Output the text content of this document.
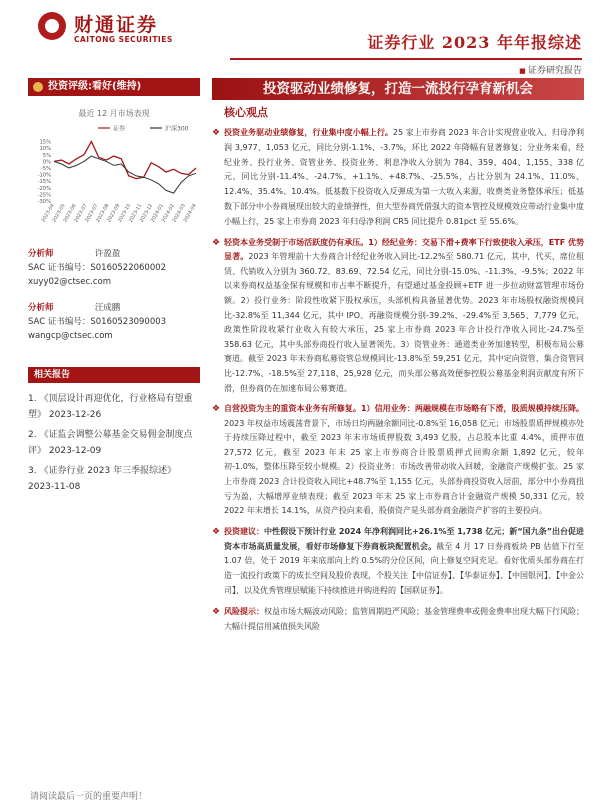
财通证券
CAITONG SECURITIES	证券行业 2023 年年报综述
■ 证券研究报告
投资评级:看好(维持)
最近 12 月市场表现
证券	沪深300
15%
10%
5%
0%
-5%
-10%
-15%
-20%
-25%
-30%
2023-04
2023-05
2023-06
2023-07
2023-07
2023-08
2023-09
2023-10
2023-11
2023-12
2024-01
2024-02
2024-03
2024-04
分析师	许盈盈
SAC 证书编号：S0160522060002
xuyy02@ctsec.com
分析师	汪成鹏
SAC 证书编号：S0160523090003
wangcp@ctsec.com
相关报告
1. 《顶层设计再迎优化，行业格局有望重塑》 2023-12-26
2. 《证监会调整公募基金交易佣金制度点评》 2023-12-09
3. 《证券行业 2023 年三季报综述》 2023-11-08
投资驱动业绩修复，打造一流投行孕育新机会
核心观点
❖ 投资业务驱动业绩修复，行业集中度小幅上行。25 家上市券商 2023 年合计实现营业收入、归母净利润 3,977、1,053 亿元，同比分别-1.1%、-3.7%，环比 2022 年降幅有显著修复；分业务来看，经纪业务、投行业务、资管业务、投资业务、利息净收入分别为 784、359、404、1,155、338 亿元，同比分别-11.4%、-24.7%、+1.1%、+48.7%、-25.5%，占比分别为 24.1%、11.0%、12.4%、35.4%、10.4%。低基数下投资收入反弹成为第一大收入来源，收费类业务整体承压；低基数下部分中小券商展现出较大的业绩弹性，但大型券商凭借强大的资本管控及规模效应带动行业集中度小幅上行，25 家上市券商 2023 年归母净利润 CR5 同比提升 0.81pct 至 55.6%。
❖ 轻资本业务受制于市场活跃度仍有承压。1）经纪业务：交易下滑+费率下行致使收入承压，ETF 优势显著。2023 年管理前十大券商合计经纪业务收入同比-12.2%至 580.71 亿元，其中，代买、席位租赁、代销收入分别为 360.72、83.69、72.54 亿元，同比分别-15.0%、-11.3%、-9.5%；2022 年以来券商权益基金保有规模和市占率不断提升，有望通过基金投顾+ETF 进一步拉动财富管理市场份额。2）投行业务：阶段性收紧下股权承压，头部机构具备显著优势。2023 年市场股权融资规模同比-32.8%至 11,344 亿元，其中 IPO、再融资规模分别-39.2%、-29.4%至 3,565、7,779 亿元，政策性阶段收紧行业收入有较大承压，25 家上市券商 2023 年合计投行净收入同比-24.7%至 358.63 亿元，其中头部券商投行收入显著领先。3）资管业务：通道类业务加速转型，积极布局公募赛道。截至 2023 年末券商私募资管总规模同比-13.8%至 59,251 亿元，其中定向资管、集合资管同比-12.7%、-18.5%至 27,118、25,928 亿元，而头部公募高效便参控股公募基金利润贡献度有所下滑，但券商仍在加速布局公募赛道。
❖ 自营投资为主的重资本业务有所修复。1）信用业务：两融规模在市场略有下滑，股质规模持续压降。2023 年权益市场震荡背景下，市场日均两融余额同比-0.8%至 16,058 亿元；市场股票质押规模亦处于持续压降过程中，截至 2023 年末市场质押股数 3,493 亿股，占总股本比重 4.4%，质押市值 27,572 亿元，截至 2023 年末 25 家上市券商合计股票质押式回购余额 1,892 亿元，较年初-1.0%，整体压降至较小规模。2）投资业务：市场改善带动收入回暖，金融资产规模扩张。25 家上市券商 2023 合计投资收入同比+48.7%至 1,155 亿元，头部券商投资收入居前，部分中小券商扭亏为盈，大幅增厚业绩表现；截至 2023 年末 25 家上市券商合计金融资产规模 50,331 亿元，较 2022 年末增长 14.1%，从资产投向来看，股债资产是头部券商金融资产扩容的主要投向。
❖ 投资建议：中性假设下预计行业 2024 年净利润同比+26.1%至 1,738 亿元；新“国九条”出台促进资本市场高质量发展，看好市场修复下券商板块配置机会。截至 4 月 17 日券商板块 PB 估值下行至 1.07 倍，处于 2019 年来底部向上约 0.5%的分位区间，向上修复空间充足。看好优质头部券商在打造一流投行政策下的成长空间及股价表现，个股关注【中信证券】、【华泰证券】、【中国银河】、【中金公司】，以及优秀管理层赋能下持续推进并购进程的【国联证券】。
❖ 风险提示：权益市场大幅波动风险；监管周期趋严风险；基金管理费率或佣金费率出现大幅下行风险；大幅计提信用减值损失风险
请阅读最后一页的重要声明！
